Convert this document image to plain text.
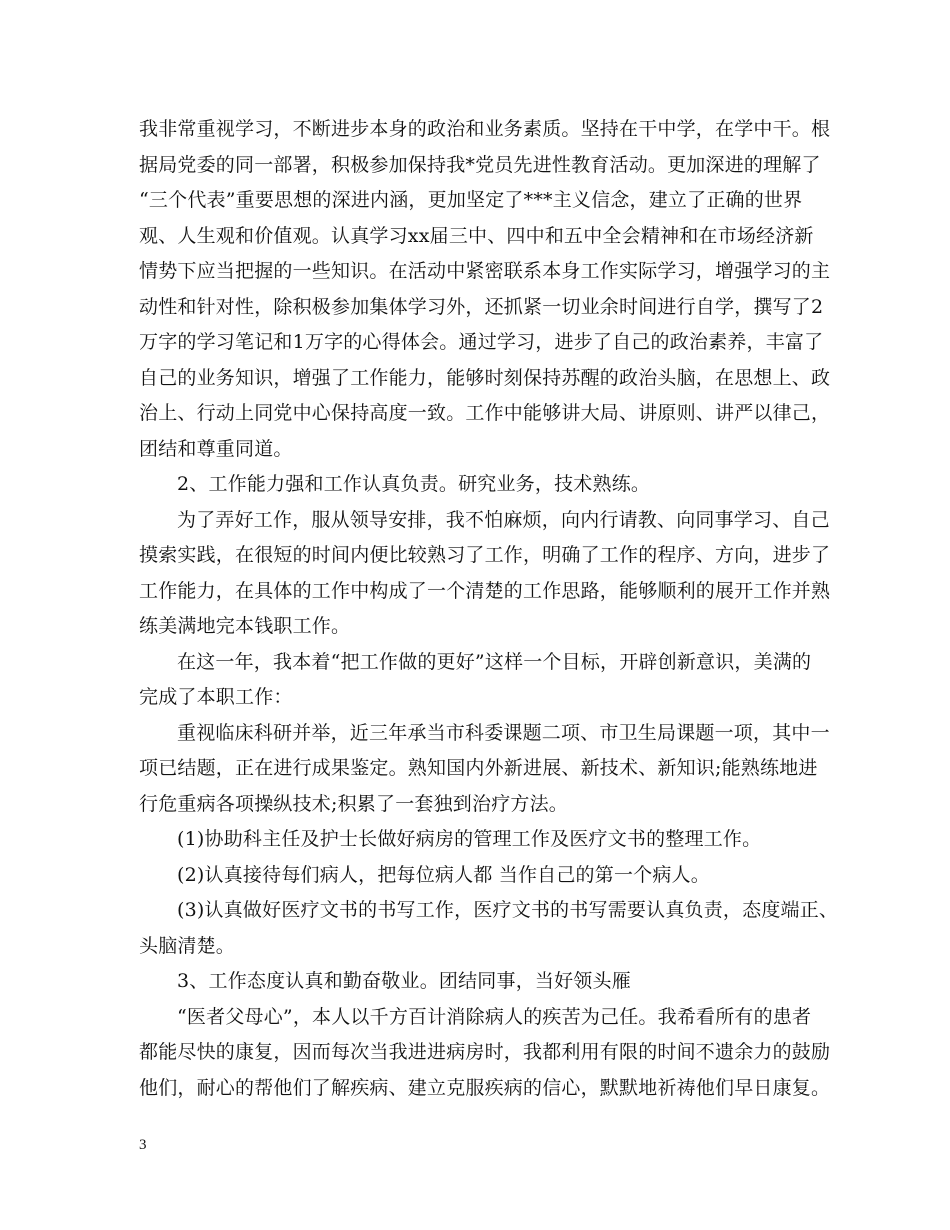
我非常重视学习，不断进步本身的政治和业务素质。坚持在干中学，在学中干。根
据局党委的同一部署，积极参加保持我*党员先进性教育活动。更加深进的理解了
“三个代表”重要思想的深进内涵，更加坚定了***主义信念，建立了正确的世界
观、人生观和价值观。认真学习xx届三中、四中和五中全会精神和在市场经济新
情势下应当把握的一些知识。在活动中紧密联系本身工作实际学习，增强学习的主
动性和针对性，除积极参加集体学习外，还抓紧一切业余时间进行自学，撰写了2
万字的学习笔记和1万字的心得体会。通过学习，进步了自己的政治素养，丰富了
自己的业务知识，增强了工作能力，能够时刻保持苏醒的政治头脑，在思想上、政
治上、行动上同党中心保持高度一致。工作中能够讲大局、讲原则、讲严以律己，
团结和尊重同道。
2、工作能力强和工作认真负责。研究业务，技术熟练。
为了弄好工作，服从领导安排，我不怕麻烦，向内行请教、向同事学习、自己
摸索实践，在很短的时间内便比较熟习了工作，明确了工作的程序、方向，进步了
工作能力，在具体的工作中构成了一个清楚的工作思路，能够顺利的展开工作并熟
练美满地完本钱职工作。
在这一年，我本着“把工作做的更好”这样一个目标，开辟创新意识，美满的
完成了本职工作：
重视临床科研并举，近三年承当市科委课题二项、市卫生局课题一项，其中一
项已结题，正在进行成果鉴定。熟知国内外新进展、新技术、新知识;能熟练地进
行危重病各项操纵技术;积累了一套独到治疗方法。
(1)协助科主任及护士长做好病房的管理工作及医疗文书的整理工作。
(2)认真接待每们病人，把每位病人都 当作自己的第一个病人。
(3)认真做好医疗文书的书写工作，医疗文书的书写需要认真负责，态度端正、
头脑清楚。
3、工作态度认真和勤奋敬业。团结同事，当好领头雁
“医者父母心”，本人以千方百计消除病人的疾苦为己任。我希看所有的患者
都能尽快的康复，因而每次当我进进病房时，我都利用有限的时间不遗余力的鼓励
他们，耐心的帮他们了解疾病、建立克服疾病的信心，默默地祈祷他们早日康复。
3
